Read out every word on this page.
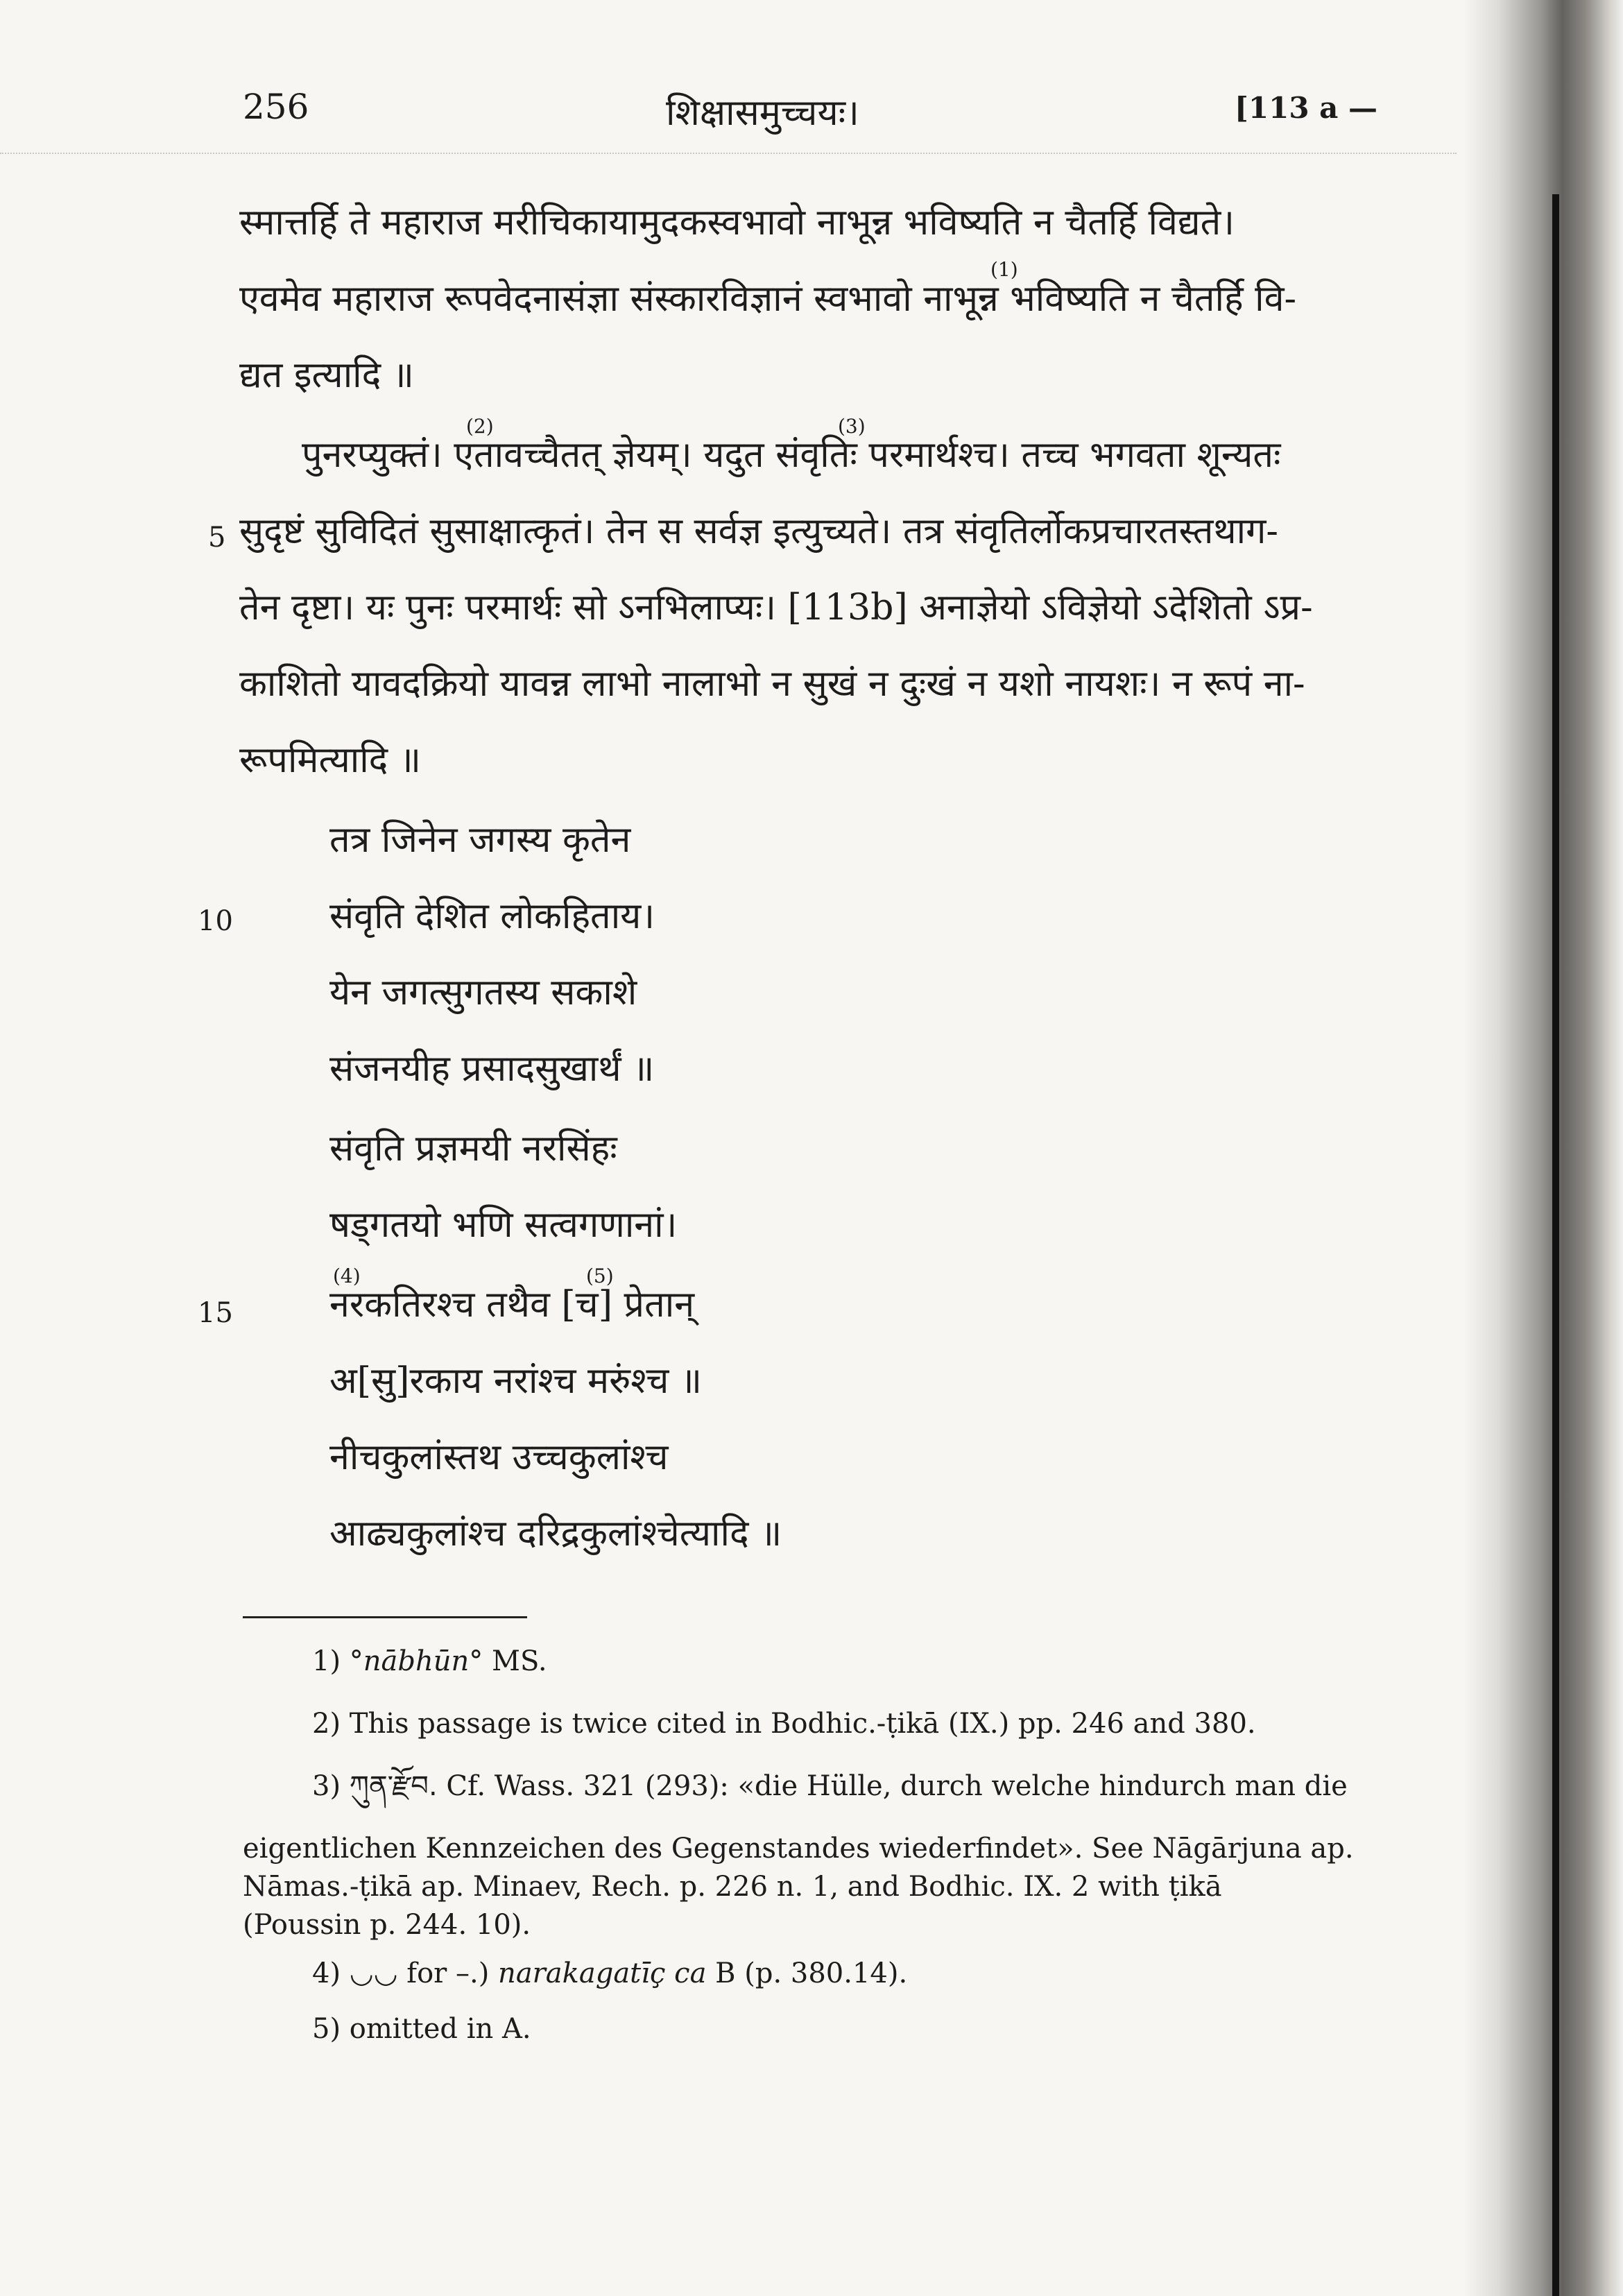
256	शिक्षासमुच्चयः।	[113 a —
स्मात्तर्हि ते महाराज मरीचिकायामुदकस्वभावो नाभून्न भविष्यति न चैतर्हि विद्यते।
एवमेव महाराज रूपवेदनासंज्ञा संस्कारविज्ञानं स्वभावो नाभून्न भविष्यति न चैतर्हि वि-
द्यत इत्यादि ॥
पुनरप्युक्तं। एतावच्चैतत् ज्ञेयम्। यदुत संवृतिः परमार्थश्च। तच्च भगवता शून्यतः
सुदृष्टं सुविदितं सुसाक्षात्कृतं। तेन स सर्वज्ञ इत्युच्यते। तत्र संवृतिर्लोकप्रचारतस्तथाग-
तेन दृष्टा। यः पुनः परमार्थः सो ऽनभिलाप्यः। [113b] अनाज्ञेयो ऽविज्ञेयो ऽदेशितो ऽप्र-
काशितो यावदक्रियो यावन्न लाभो नालाभो न सुखं न दुःखं न यशो नायशः। न रूपं ना-
रूपमित्यादि ॥
तत्र जिनेन जगस्य कृतेन
संवृति देशित लोकहिताय।
येन जगत्सुगतस्य सकाशे
संजनयीह प्रसादसुखार्थं ॥
संवृति प्रज्ञमयी नरसिंहः
षड्गतयो भणि सत्वगणानां।
नरकतिरश्च तथैव [च] प्रेतान्
अ[सु]रकाय नरांश्च मरुंश्च ॥
नीचकुलांस्तथ उच्चकुलांश्च
आढ्यकुलांश्च दरिद्रकुलांश्चेत्यादि ॥
5
10
15
(1)
(2)	(3)
(4)	(5)
1) °nābhūn° MS.
2) This passage is twice cited in Bodhic.-ṭikā (IX.) pp. 246 and 380.
3) ཀུན་རྫོབ. Cf. Wass. 321 (293): «die Hülle, durch welche hindurch man die
eigentlichen Kennzeichen des Gegenstandes wiederfindet». See Nāgārjuna ap.
Nāmas.-ṭikā ap. Minaev, Rech. p. 226 n. 1, and Bodhic. IX. 2 with ṭikā
(Poussin p. 244. 10).
4) ◡◡ for –.) narakagatīç ca B (p. 380.14).
5) omitted in A.
